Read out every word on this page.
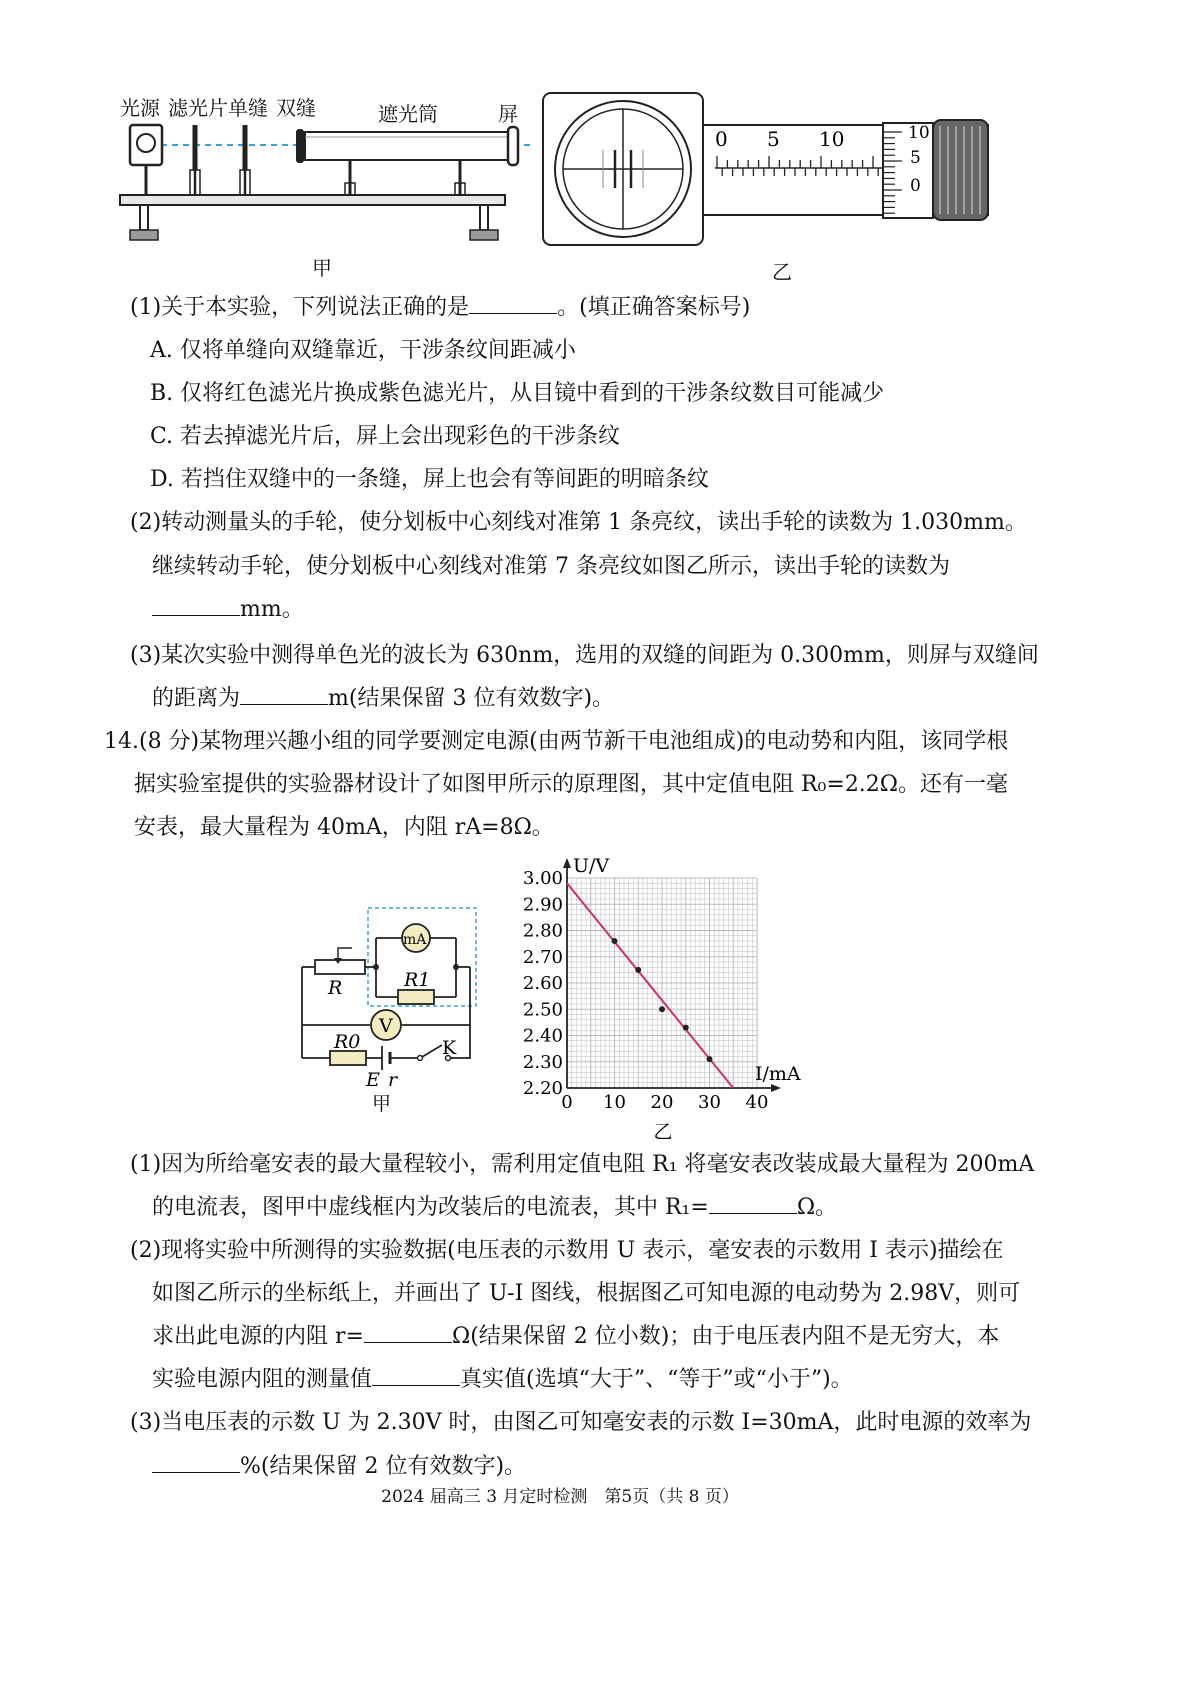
光源 滤光片 单缝 双缝	遮光筒	屏
甲
0 5 10	10
5
0
乙
(1)关于本实验，下列说法正确的是	。(填正确答案标号)
A. 仅将单缝向双缝靠近，干涉条纹间距减小
B. 仅将红色滤光片换成紫色滤光片，从目镜中看到的干涉条纹数目可能减少
C. 若去掉滤光片后，屏上会出现彩色的干涉条纹
D. 若挡住双缝中的一条缝，屏上也会有等间距的明暗条纹
(2)转动测量头的手轮，使分划板中心刻线对准第 1 条亮纹，读出手轮的读数为 1.030mm。
继续转动手轮，使分划板中心刻线对准第 7 条亮纹如图乙所示，读出手轮的读数为
mm。
(3)某次实验中测得单色光的波长为 630nm，选用的双缝的间距为 0.300mm，则屏与双缝间
的距离为	m(结果保留 3 位有效数字)。
14.(8 分)某物理兴趣小组的同学要测定电源(由两节新干电池组成)的电动势和内阻，该同学根
据实验室提供的实验器材设计了如图甲所示的原理图，其中定值电阻 R₀=2.2Ω。还有一毫
安表，最大量程为 40mA，内阻 rA=8Ω。
mA
R1
R
V
R0	K
E r
甲	0 10 20 30 40
2.20
2.30
2.40
2.50
2.60
2.70
2.80
2.90
3.00
U/V
I/mA
乙
(1)因为所给毫安表的最大量程较小，需利用定值电阻 R₁ 将毫安表改装成最大量程为 200mA
的电流表，图甲中虚线框内为改装后的电流表，其中 R₁=	Ω。
(2)现将实验中所测得的实验数据(电压表的示数用 U 表示，毫安表的示数用 I 表示)描绘在
如图乙所示的坐标纸上，并画出了 U-I 图线，根据图乙可知电源的电动势为 2.98V，则可
求出此电源的内阻 r=	Ω(结果保留 2 位小数)；由于电压表内阻不是无穷大，本
实验电源内阻的测量值	真实值(选填“大于”、“等于”或“小于”)。
(3)当电压表的示数 U 为 2.30V 时，由图乙可知毫安表的示数 I=30mA，此时电源的效率为
%(结果保留 2 位有效数字)。
2024 届高三 3 月定时检测　第5页（共 8 页）
